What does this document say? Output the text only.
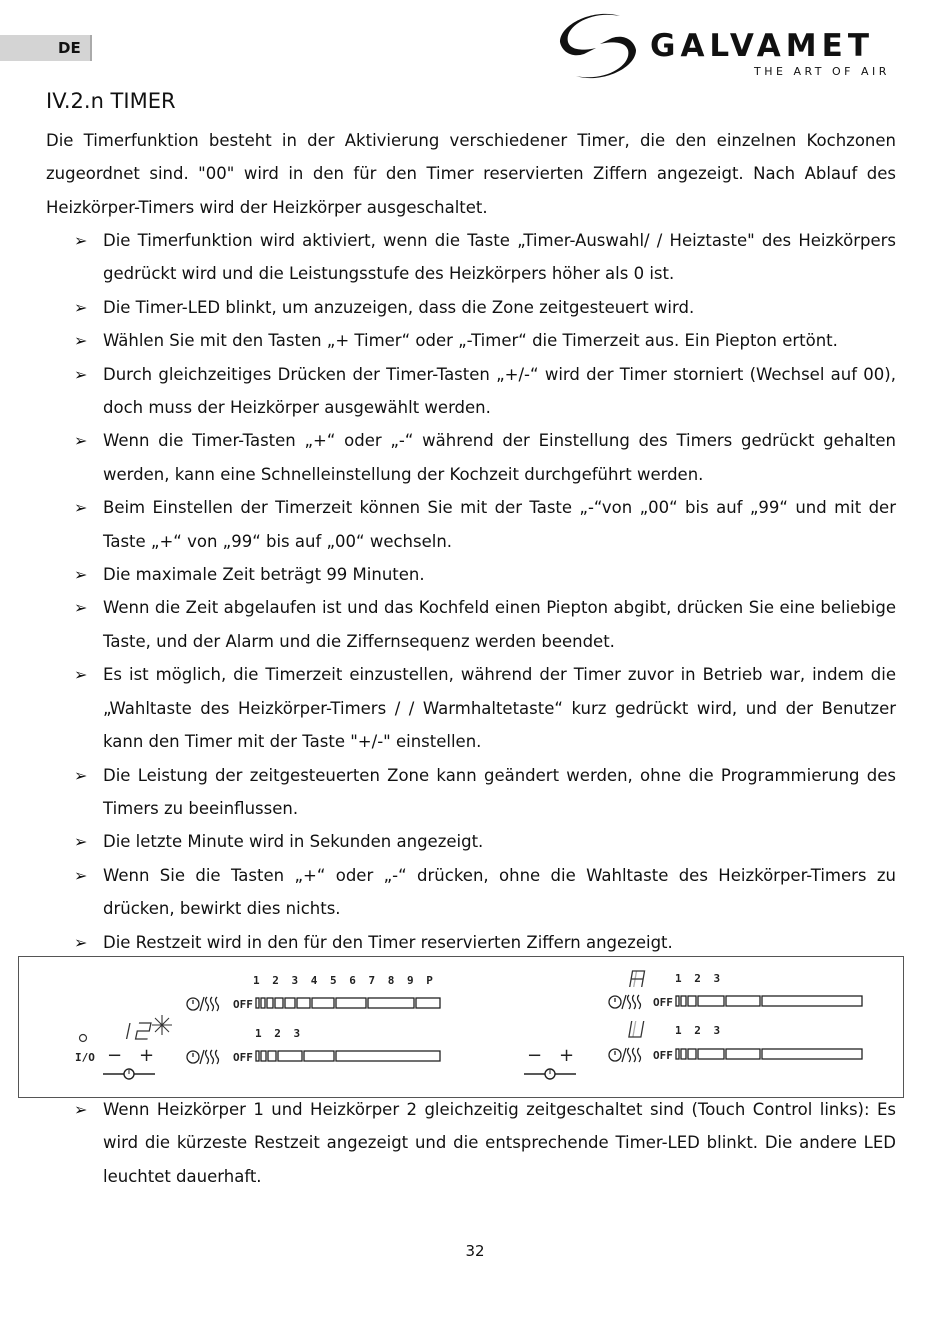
DE	GALVAMET
THE ART OF AIR
IV.2.n TIMER
Die Timerfunktion besteht in der Aktivierung verschiedener Timer, die den einzelnen Kochzonen zugeordnet sind. "00" wird in den für den Timer reservierten Ziffern angezeigt. Nach Ablauf des Heizkörper-Timers wird der Heizkörper ausgeschaltet.
➢ Die Timerfunktion wird aktiviert, wenn die Taste „Timer-Auswahl/ / Heiztaste" des Heizkörpers gedrückt wird und die Leistungsstufe des Heizkörpers höher als 0 ist.
➢ Die Timer-LED blinkt, um anzuzeigen, dass die Zone zeitgesteuert wird.
➢ Wählen Sie mit den Tasten „+ Timer“ oder „-Timer“ die Timerzeit aus. Ein Piepton ertönt.
➢ Durch gleichzeitiges Drücken der Timer-Tasten „+/-“ wird der Timer storniert (Wechsel auf 00), doch muss der Heizkörper ausgewählt werden.
➢ Wenn die Timer-Tasten „+“ oder „-“ während der Einstellung des Timers gedrückt gehalten werden, kann eine Schnelleinstellung der Kochzeit durchgeführt werden.
➢ Beim Einstellen der Timerzeit können Sie mit der Taste „-“von „00“ bis auf „99“ und mit der Taste „+“ von „99“ bis auf „00“ wechseln.
➢ Die maximale Zeit beträgt 99 Minuten.
➢ Wenn die Zeit abgelaufen ist und das Kochfeld einen Piepton abgibt, drücken Sie eine beliebige Taste, und der Alarm und die Ziffernsequenz werden beendet.
➢ Es ist möglich, die Timerzeit einzustellen, während der Timer zuvor in Betrieb war, indem die „Wahltaste des Heizkörper-Timers / / Warmhaltetaste“ kurz gedrückt wird, und der Benutzer kann den Timer mit der Taste "+/-" einstellen.
➢ Die Leistung der zeitgesteuerten Zone kann geändert werden, ohne die Programmierung des Timers zu beeinflussen.
➢ Die letzte Minute wird in Sekunden angezeigt.
➢ Wenn Sie die Tasten „+“ oder „-“ drücken, ohne die Wahltaste des Heizkörper-Timers zu drücken, bewirkt dies nichts.
➢ Die Restzeit wird in den für den Timer reservierten Ziffern angezeigt.
I/O − +
1 2 3 4 5 6 7 8 9 P
OFF
1 2 3
OFF	− +
1 2 3
OFF
1 2 3
OFF
➢ Wenn Heizkörper 1 und Heizkörper 2 gleichzeitig zeitgeschaltet sind (Touch Control links): Es wird die kürzeste Restzeit angezeigt und die entsprechende Timer-LED blinkt. Die andere LED leuchtet dauerhaft.
32
